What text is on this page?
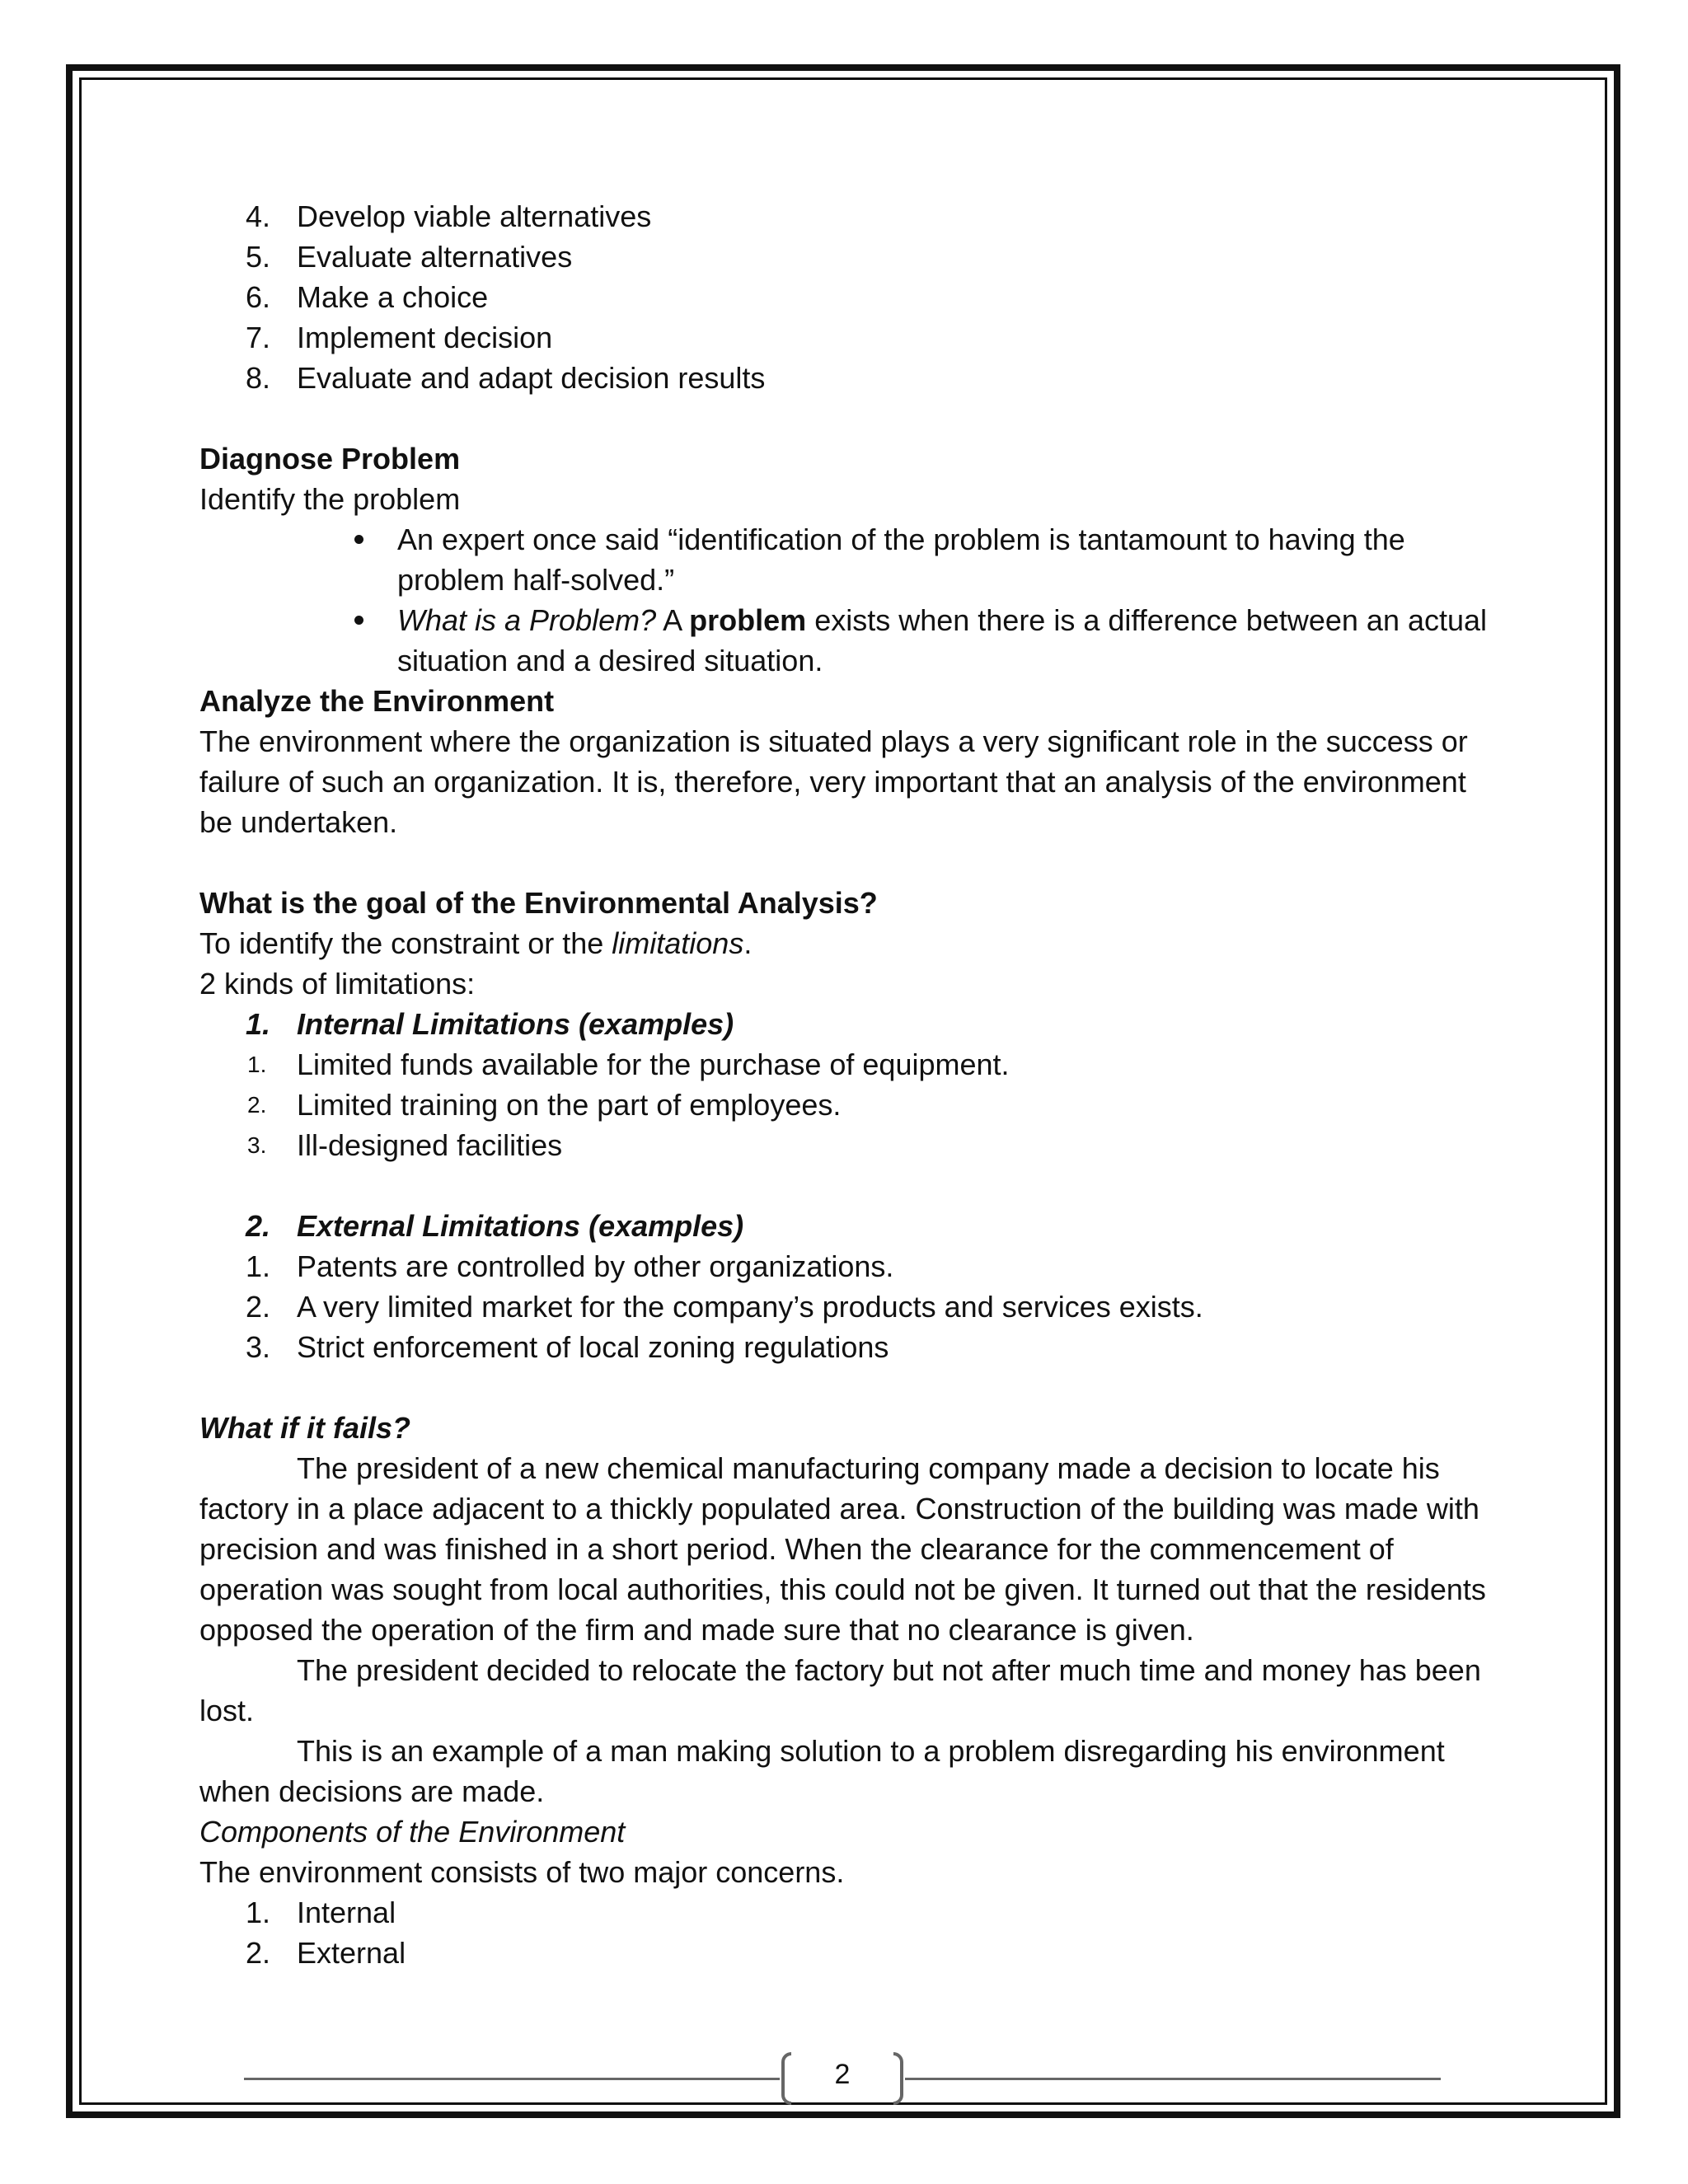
4. Develop viable alternatives

5. Evaluate alternatives

6. Make a choice

7. Implement decision

8. Evaluate and adapt decision results

Diagnose Problem

Identify the problem

An expert once said “identification of the problem is tantamount to having the problem half-solved.”

What is a Problem? A problem exists when there is a difference between an actual situation and a desired situation.

Analyze the Environment

The environment where the organization is situated plays a very significant role in the success or failure of such an organization. It is, therefore, very important that an analysis of the environment be undertaken.

What is the goal of the Environmental Analysis?

To identify the constraint or the limitations.

2 kinds of limitations:

1. Internal Limitations (examples)

1. Limited funds available for the purchase of equipment.

2. Limited training on the part of employees.

3. Ill-designed facilities

2. External Limitations (examples)

1. Patents are controlled by other organizations.

2. A very limited market for the company’s products and services exists.

3. Strict enforcement of local zoning regulations

What if it fails?

The president of a new chemical manufacturing company made a decision to locate his factory in a place adjacent to a thickly populated area. Construction of the building was made with precision and was finished in a short period. When the clearance for the commencement of operation was sought from local authorities, this could not be given. It turned out that the residents opposed the operation of the firm and made sure that no clearance is given.

The president decided to relocate the factory but not after much time and money has been lost.

This is an example of a man making solution to a problem disregarding his environment when decisions are made.

Components of the Environment

The environment consists of two major concerns.

1. Internal

2. External

2
